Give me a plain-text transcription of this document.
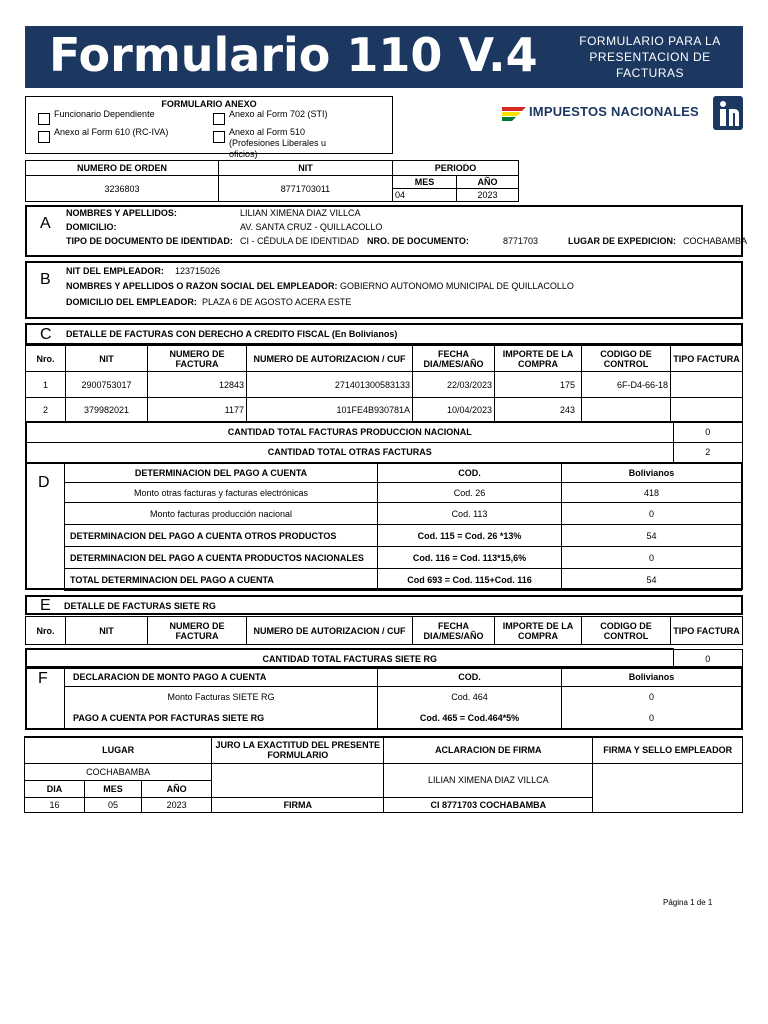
Formulario 110 V.4	FORMULARIO PARA LA
PRESENTACION DE
FACTURAS
FORMULARIO ANEXO
Funcionario Dependiente	Anexo al Form 702 (STI)
Anexo al Form 610 (RC-IVA)	Anexo al Form 510 (Profesiones Liberales u oficios)
IMPUESTOS NACIONALES
NUMERO DE ORDEN	NIT	PERIODO	
3236803	8771703011	MES	AÑO
		04	2023
A
NOMBRES Y APELLIDOS:	LILIAN XIMENA DIAZ VILLCA
DOMICILIO:	AV. SANTA CRUZ - QUILLACOLLO
TIPO DE DOCUMENTO DE IDENTIDAD: CI - CÉDULA DE IDENTIDAD NRO. DE DOCUMENTO:	8771703	LUGAR DE EXPEDICION: COCHABAMBA
B NIT DEL EMPLEADOR: 123715026
NOMBRES Y APELLIDOS O RAZON SOCIAL DEL EMPLEADOR: GOBIERNO AUTONOMO MUNICIPAL DE QUILLACOLLO
DOMICILIO DEL EMPLEADOR: PLAZA 6 DE AGOSTO ACERA ESTE
C DETALLE DE FACTURAS CON DERECHO A CREDITO FISCAL (En Bolivianos)
Nro.	NIT	NUMERO DE FACTURA	NUMERO DE AUTORIZACION / CUF	FECHA DIA/MES/AÑO	IMPORTE DE LA COMPRA	CODIGO DE CONTROL	TIPO FACTURA
1	2900753017	12843	271401300583133	22/03/2023	175	6F-D4-66-18	
2	379982021	1177	101FE4B930781A	10/04/2023	243		
CANTIDAD TOTAL FACTURAS PRODUCCION NACIONAL	0
CANTIDAD TOTAL OTRAS FACTURAS	2
D
DETERMINACION DEL PAGO A CUENTA	COD.	Bolivianos
Monto otras facturas y facturas electrónicas	Cod. 26	418
Monto facturas producción nacional	Cod. 113	0
DETERMINACION DEL PAGO A CUENTA OTROS PRODUCTOS	Cod. 115 = Cod. 26 *13%	54
DETERMINACION DEL PAGO A CUENTA PRODUCTOS NACIONALES	Cod. 116 = Cod. 113*15,6%	0
TOTAL DETERMINACION DEL PAGO A CUENTA	Cod 693 = Cod. 115+Cod. 116	54
E DETALLE DE FACTURAS SIETE RG
Nro.	NIT	NUMERO DE FACTURA	NUMERO DE AUTORIZACION / CUF	FECHA DIA/MES/AÑO	IMPORTE DE LA COMPRA	CODIGO DE CONTROL	TIPO FACTURA
CANTIDAD TOTAL FACTURAS SIETE RG	0
F	DECLARACION DE MONTO PAGO A CUENTA	COD.	Bolivianos
Monto Facturas SIETE RG	Cod. 464	0
PAGO A CUENTA POR FACTURAS SIETE RG	Cod. 465 = Cod.464*5%	0
LUGAR			JURO LA EXACTITUD DEL PRESENTE FORMULARIO	ACLARACION DE FIRMA	FIRMA Y SELLO EMPLEADOR
COCHABAMBA				LILIAN XIMENA DIAZ VILLCA	
DIA	MES	AÑO			
16	05	2023	FIRMA	CI 8771703 COCHABAMBA	
Página 1 de 1
